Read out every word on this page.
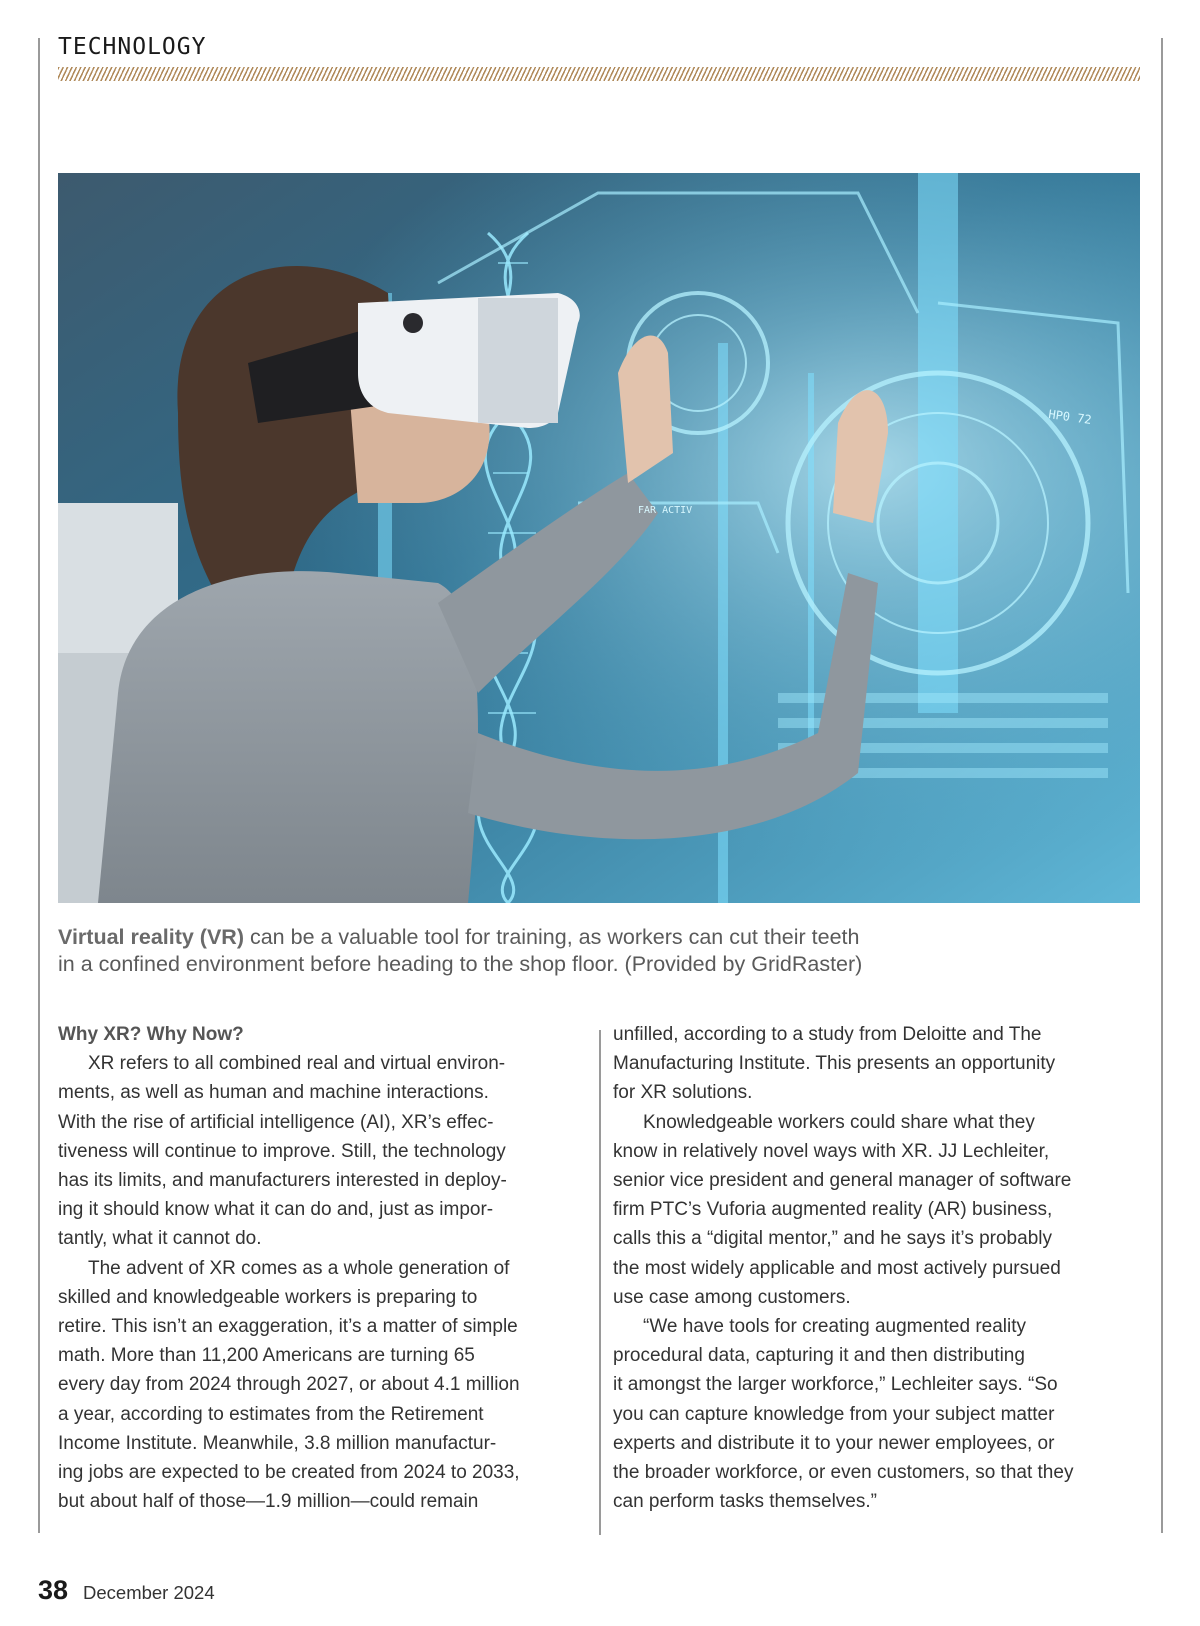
TECHNOLOGY
HP0 72
FAR ACTIV
Virtual reality (VR) can be a valuable tool for training, as workers can cut their teeth
in a confined environment before heading to the shop floor. (Provided by GridRaster)

Why XR? Why Now?

XR refers to all combined real and virtual environ-

ments, as well as human and machine interactions.

With the rise of artificial intelligence (AI), XR’s effec-

tiveness will continue to improve. Still, the technology

has its limits, and manufacturers interested in deploy-

ing it should know what it can do and, just as impor-

tantly, what it cannot do.

The advent of XR comes as a whole generation of

skilled and knowledgeable workers is preparing to

retire. This isn’t an exaggeration, it’s a matter of simple

math. More than 11,200 Americans are turning 65

every day from 2024 through 2027, or about 4.1 million

a year, according to estimates from the Retirement

Income Institute. Meanwhile, 3.8 million manufactur-

ing jobs are expected to be created from 2024 to 2033,

but about half of those—1.9 million—could remain

unfilled, according to a study from Deloitte and The

Manufacturing Institute. This presents an opportunity

for XR solutions.

Knowledgeable workers could share what they

know in relatively novel ways with XR. JJ Lechleiter,

senior vice president and general manager of software

firm PTC’s Vuforia augmented reality (AR) business,

calls this a “digital mentor,” and he says it’s probably

the most widely applicable and most actively pursued

use case among customers.

“We have tools for creating augmented reality

procedural data, capturing it and then distributing

it amongst the larger workforce,” Lechleiter says. “So

you can capture knowledge from your subject matter

experts and distribute it to your newer employees, or

the broader workforce, or even customers, so that they

can perform tasks themselves.”

38 December 2024
